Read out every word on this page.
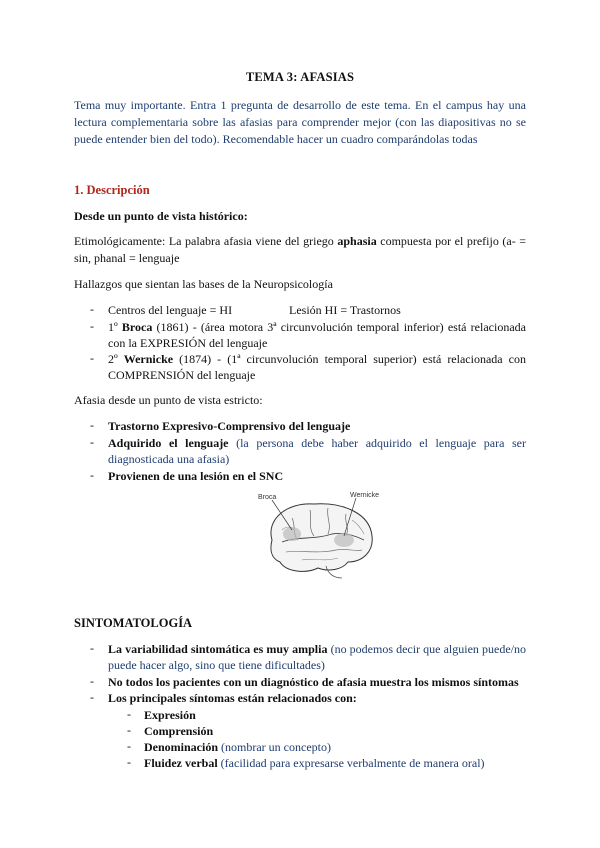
TEMA 3: AFASIAS
Tema muy importante. Entra 1 pregunta de desarrollo de este tema. En el campus hay una lectura complementaria sobre las afasias para comprender mejor (con las diapositivas no se puede entender bien del todo). Recomendable hacer un cuadro comparándolas todas
1. Descripción
Desde un punto de vista histórico:
Etimológicamente: La palabra afasia viene del griego aphasia compuesta por el prefijo (a- = sin, phanal = lenguaje
Hallazgos que sientan las bases de la Neuropsicología
- Centros del lenguaje = HI	Lesión HI = Trastornos
- 1º Broca (1861) - (área motora 3ª circunvolución temporal inferior) está relacionada con la EXPRESIÓN del lenguaje
- 2º Wernicke (1874) - (1ª circunvolución temporal superior) está relacionada con COMPRENSIÓN del lenguaje
Afasia desde un punto de vista estricto:
- Trastorno Expresivo-Comprensivo del lenguaje
- Adquirido el lenguaje (la persona debe haber adquirido el lenguaje para ser diagnosticada una afasia)
- Provienen de una lesión en el SNC
Broca	Wernicke
SINTOMATOLOGÍA
- La variabilidad sintomática es muy amplia (no podemos decir que alguien puede/no puede hacer algo, sino que tiene dificultades)
- No todos los pacientes con un diagnóstico de afasia muestra los mismos síntomas
- Los principales síntomas están relacionados con:
- Expresión
- Comprensión
- Denominación (nombrar un concepto)
- Fluidez verbal (facilidad para expresarse verbalmente de manera oral)
